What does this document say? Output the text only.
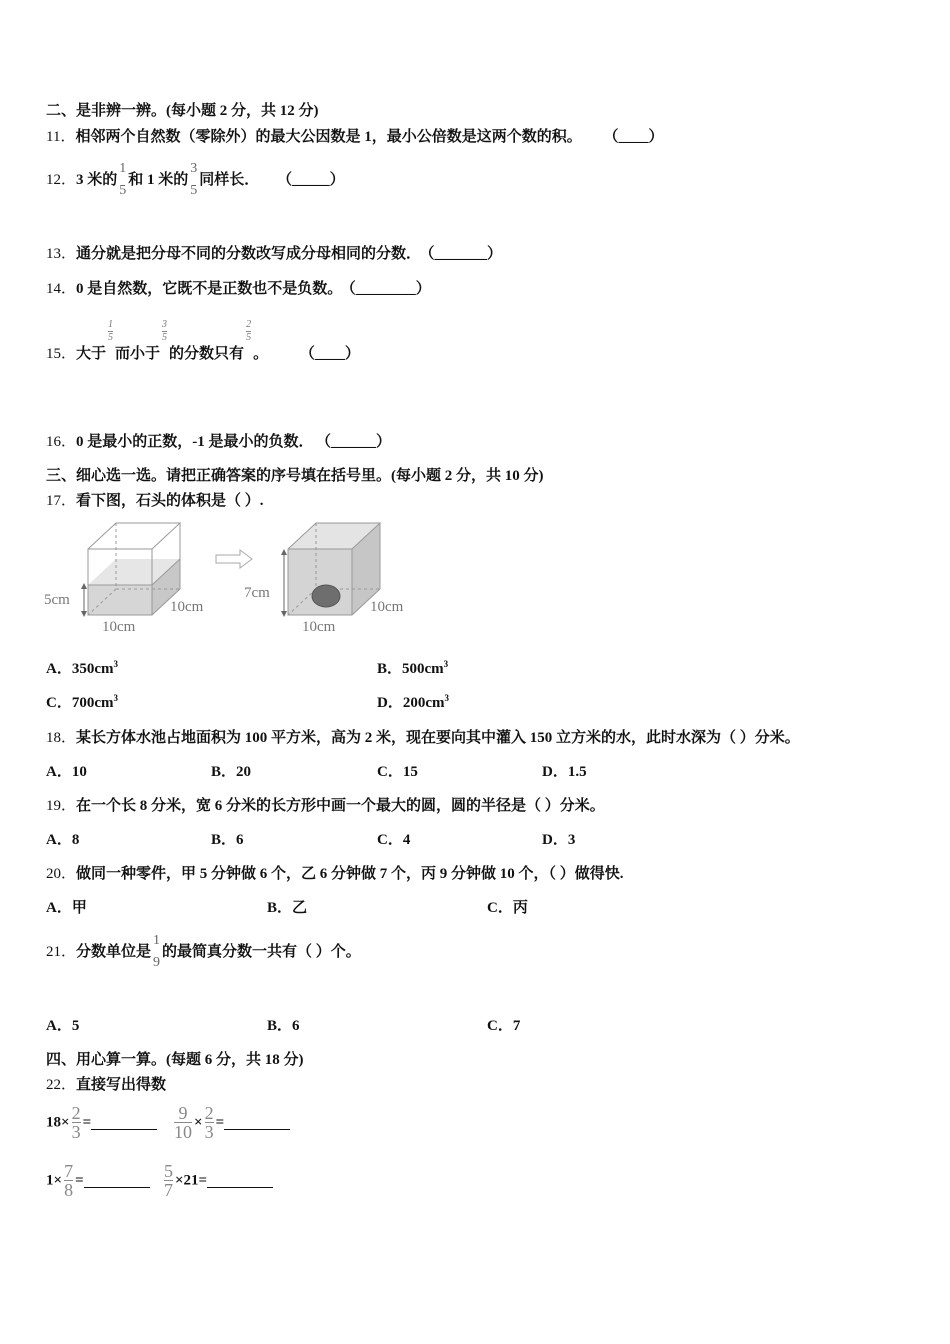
二、是非辨一辨。(每小题 2 分，共 12 分)
11．相邻两个自然数（零除外）的最大公因数是 1，最小公倍数是这两个数的积。 （____）
12．3 米的
1
5
和 1 米的
3
5
同样长． （_____）
13．通分就是把分母不同的分数改写成分母相同的分数． （_______）
14．0 是自然数，它既不是正数也不是负数。 （________）
15．大于
$\frac{1}{5}$
而小于
$\frac{3}{5}$
的分数只有
$\frac{2}{5}$
。 （____）
16．0 是最小的正数，-1 是最小的负数． （______）
三、细心选一选。请把正确答案的序号填在括号里。(每小题 2 分，共 10 分)
17．看下图，石头的体积是（ ）.
5cm	10cm
10cm
7cm
10cm
10cm
A．$350cm^3$	B．$500cm^3$
C．$700cm^3$	D．$200cm^3$
18．某长方体水池占地面积为 100 平方米，高为 2 米，现在要向其中灌入 150 立方米的水，此时水深为（ ）分米。
A．10	B．20	C．15	D．1.5
19．在一个长 8 分米，宽 6 分米的长方形中画一个最大的圆，圆的半径是（ ）分米。
A．8	B．6	C．4	D．3
20．做同一种零件，甲 5 分钟做 6 个，乙 6 分钟做 7 个，丙 9 分钟做 10 个，（ ）做得快.
A．甲	B．乙	C．丙
21．分数单位是
1
9
的最简真分数一共有（ ）个。
A．5	B．6	C．7
四、用心算一算。(每题 6 分，共 18 分)
22．直接写出得数
$18\times \frac{2}{3}$ =	$\frac{9}{10} \times \frac{2}{3}$ =
$1\times \frac{7}{8}$ =	$\frac{5}{7} \times 21=$
